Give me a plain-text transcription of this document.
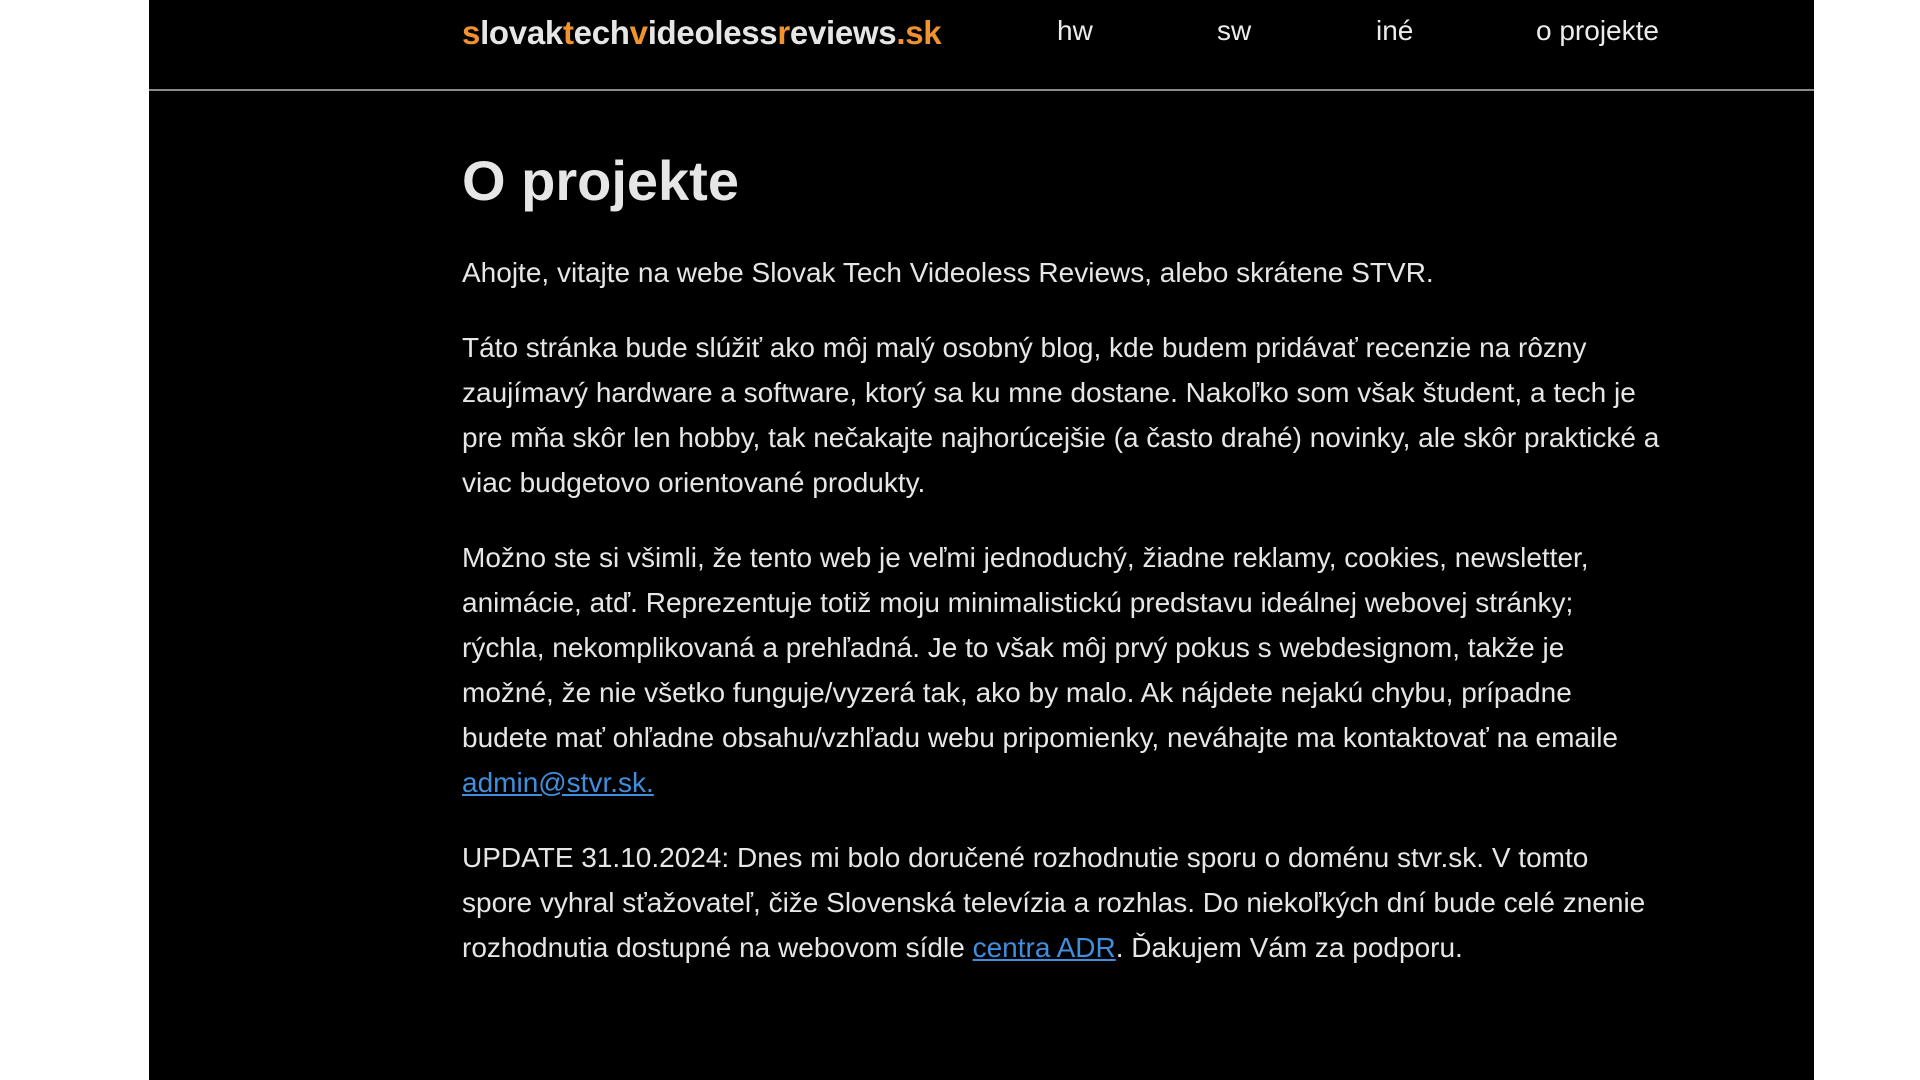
slovaktechvideolessreviews.sk	hw	sw	iné	o projekte
O projekte

Ahojte, vitajte na webe Slovak Tech Videoless Reviews, alebo skrátene STVR.

Táto stránka bude slúžiť ako môj malý osobný blog, kde budem pridávať recenzie na rôzny zaujímavý hardware a software, ktorý sa ku mne dostane. Nakoľko som však študent, a tech je pre mňa skôr len hobby, tak nečakajte najhorúcejšie (a často drahé) novinky, ale skôr praktické a viac budgetovo orientované produkty.

Možno ste si všimli, že tento web je veľmi jednoduchý, žiadne reklamy, cookies, newsletter, animácie, atď. Reprezentuje totiž moju minimalistickú predstavu ideálnej webovej stránky; rýchla, nekomplikovaná a prehľadná. Je to však môj prvý pokus s webdesignom, takže je možné, že nie všetko funguje/vyzerá tak, ako by malo. Ak nájdete nejakú chybu, prípadne budete mať ohľadne obsahu/vzhľadu webu pripomienky, neváhajte ma kontaktovať na emaile admin@stvr.sk.

UPDATE 31.10.2024: Dnes mi bolo doručené rozhodnutie sporu o doménu stvr.sk. V tomto spore vyhral sťažovateľ, čiže Slovenská televízia a rozhlas. Do niekoľkých dní bude celé znenie rozhodnutia dostupné na webovom sídle centra ADR. Ďakujem Vám za podporu.
